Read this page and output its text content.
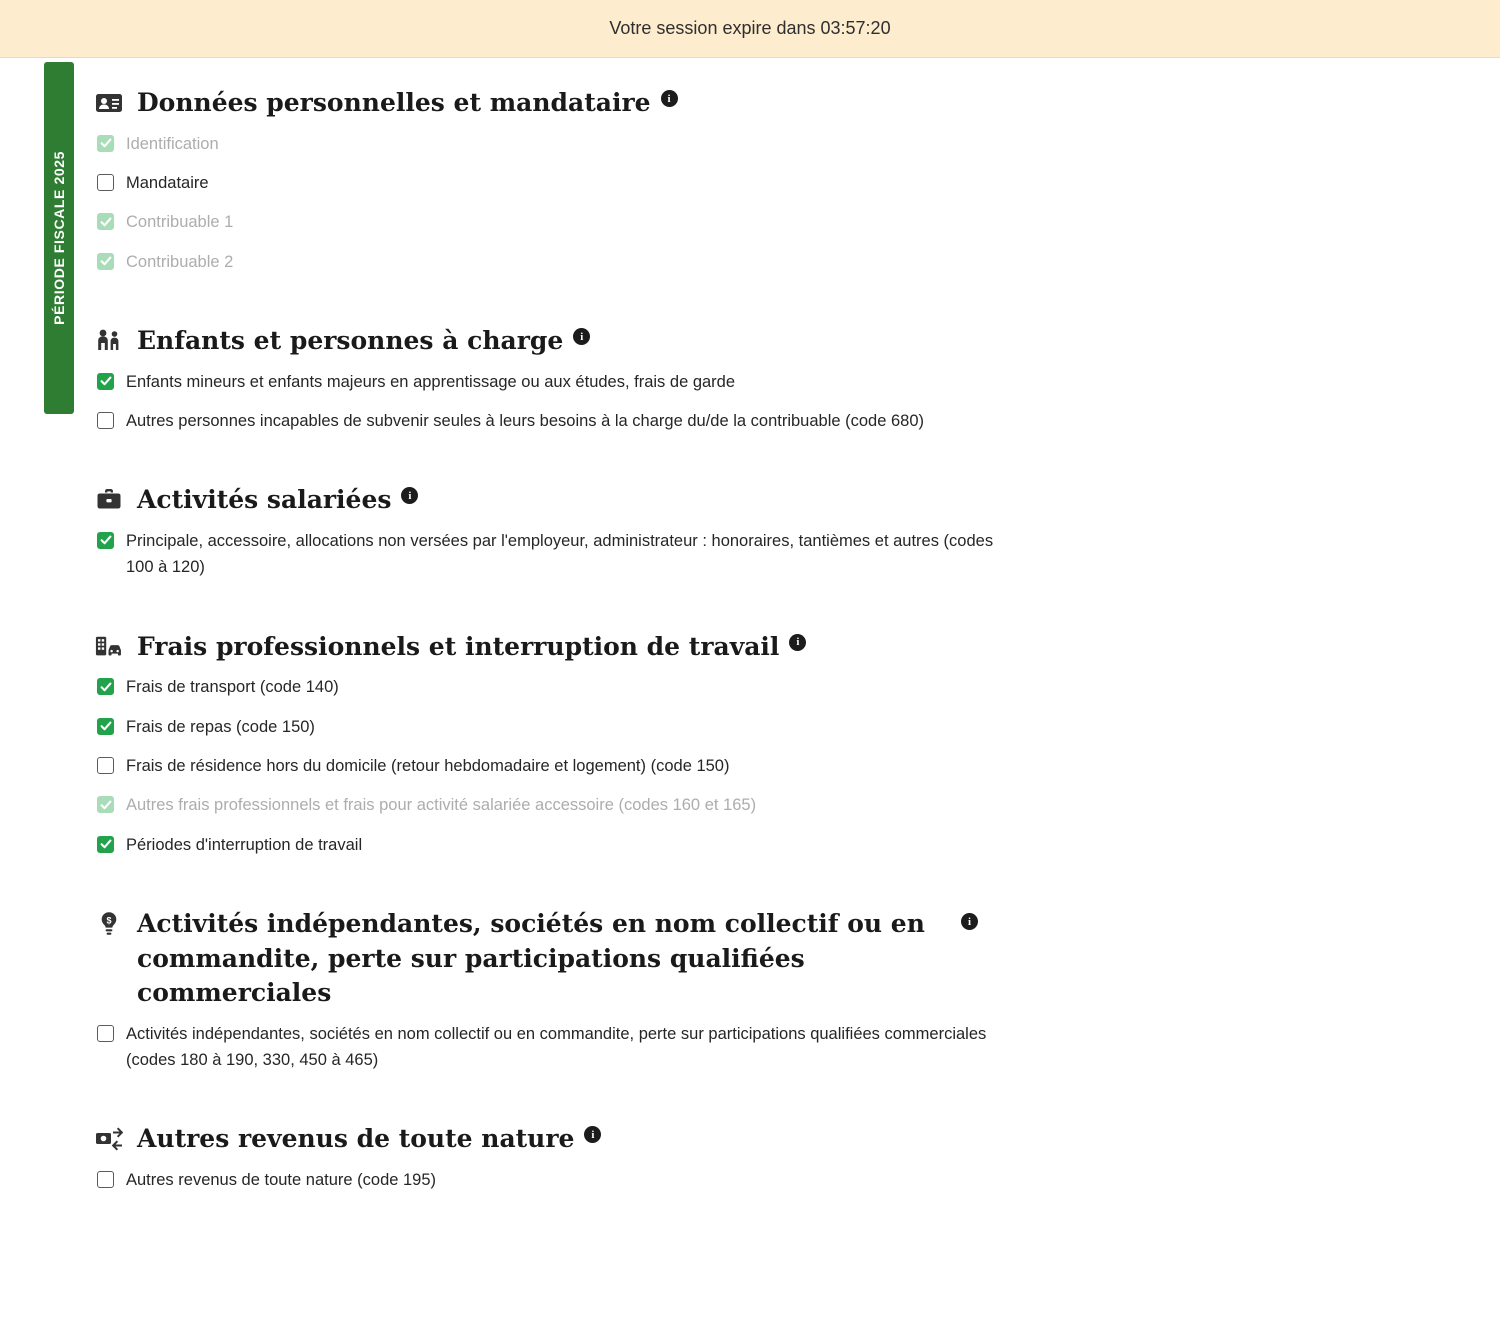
Votre session expire dans 03:57:20
PÉRIODE FISCALE 2025
Données personnelles et mandataire	i
Identification
Mandataire
Contribuable 1
Contribuable 2
Enfants et personnes à charge	i
Enfants mineurs et enfants majeurs en apprentissage ou aux études, frais de garde
Autres personnes incapables de subvenir seules à leurs besoins à la charge du/de la contribuable (code 680)
Activités salariées	i
Principale, accessoire, allocations non versées par l'employeur, administrateur : honoraires, tantièmes et autres (codes 100 à 120)
Frais professionnels et interruption de travail	i
Frais de transport (code 140)
Frais de repas (code 150)
Frais de résidence hors du domicile (retour hebdomadaire et logement) (code 150)
Autres frais professionnels et frais pour activité salariée accessoire (codes 160 et 165)
Périodes d'interruption de travail
$ Activités indépendantes, sociétés en nom collectif ou en commandite, perte sur participations qualifiées commerciales
i
Activités indépendantes, sociétés en nom collectif ou en commandite, perte sur participations qualifiées commerciales (codes 180 à 190, 330, 450 à 465)
Autres revenus de toute nature	i
Autres revenus de toute nature (code 195)
